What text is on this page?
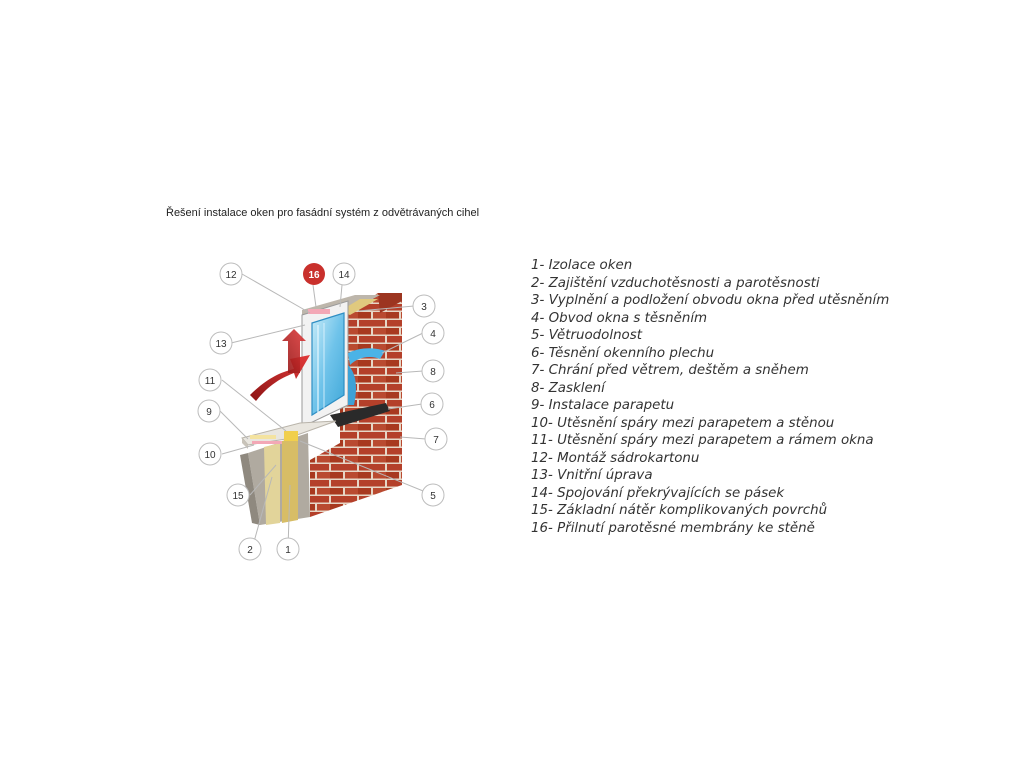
Řešení instalace oken pro fasádní systém z odvětrávaných cihel
12	16 14
3
13
4
8
11
6
9
7
10
15	5
2	1
1- Izolace oken
2- Zajištění vzduchotěsnosti a parotěsnosti
3- Vyplnění a podložení obvodu okna před utěsněním
4- Obvod okna s těsněním
5- Větruodolnost
6- Těsnění okenního plechu
7- Chrání před větrem, deštěm a sněhem
8- Zasklení
9- Instalace parapetu
10- Utěsnění spáry mezi parapetem a stěnou
11- Utěsnění spáry mezi parapetem a rámem okna
12- Montáž sádrokartonu
13- Vnitřní úprava
14- Spojování překrývajících se pásek
15- Základní nátěr komplikovaných povrchů
16- Přilnutí parotěsné membrány ke stěně
